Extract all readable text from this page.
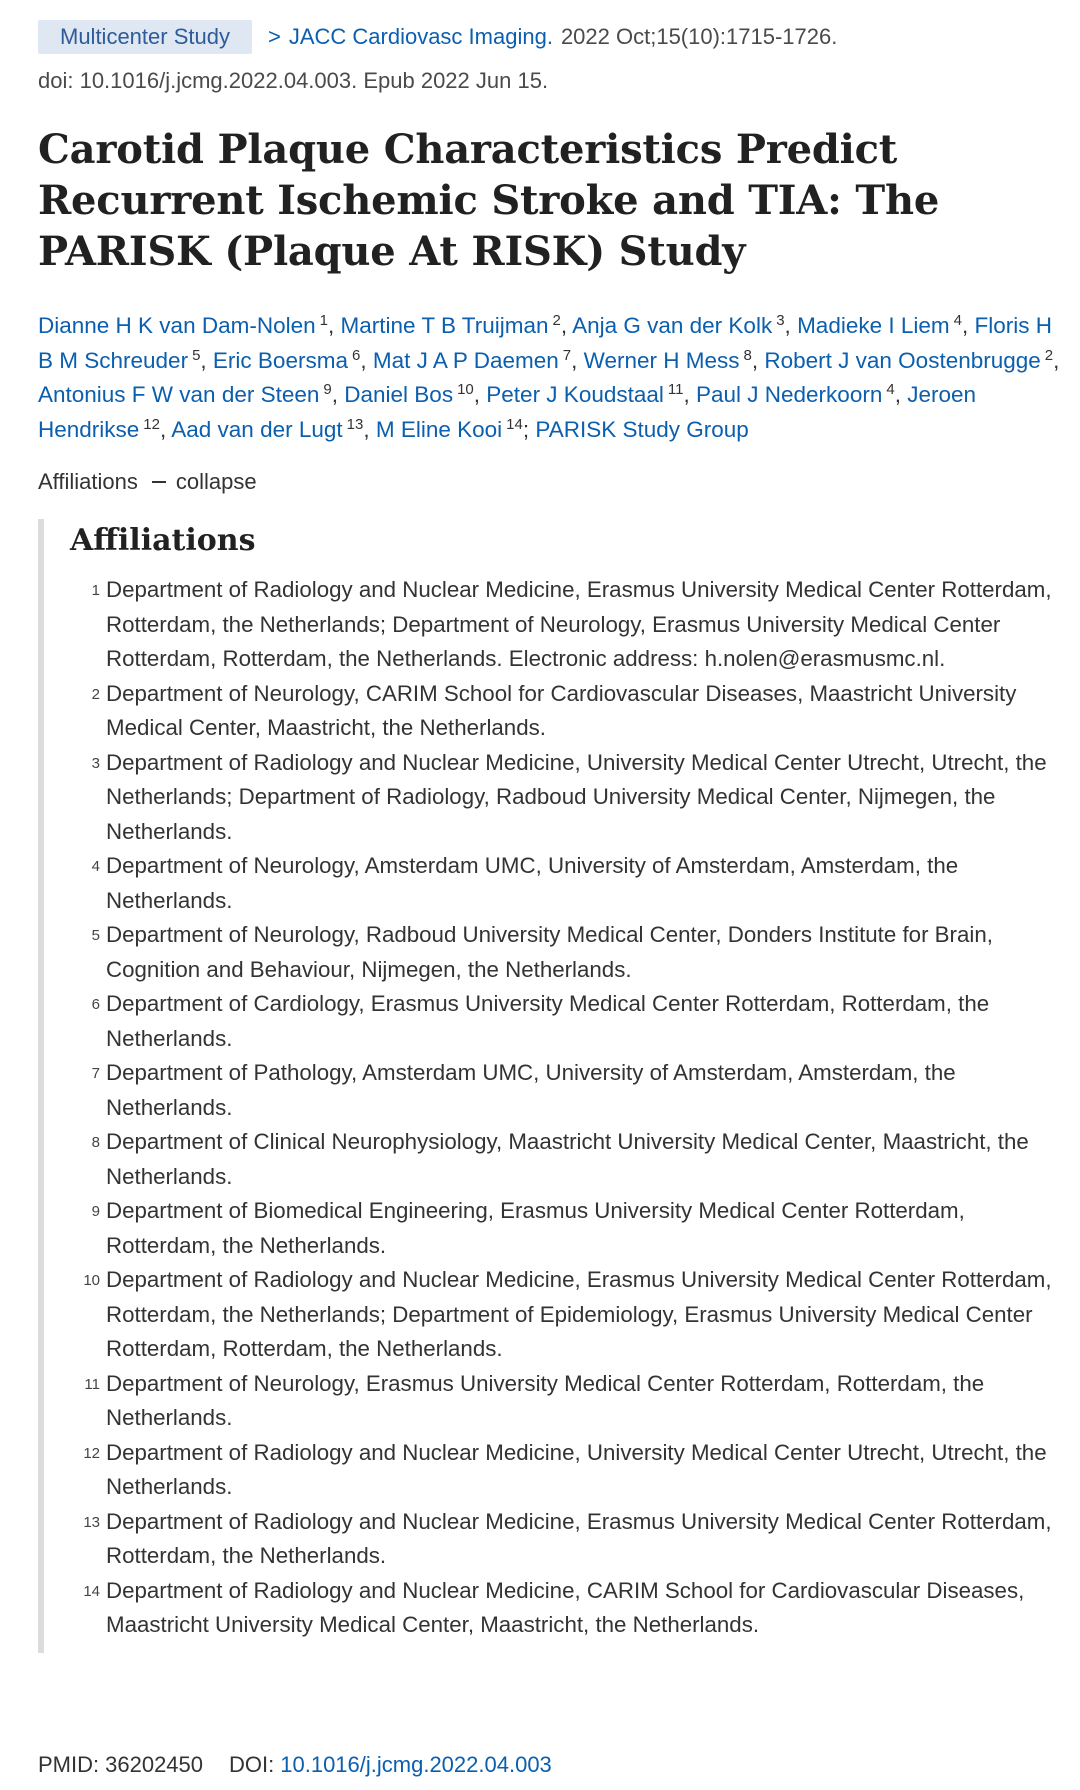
Multicenter Study	> JACC Cardiovasc Imaging. 2022 Oct;15(10):1715-1726.
doi: 10.1016/j.jcmg.2022.04.003. Epub 2022 Jun 15.
Carotid Plaque Characteristics Predict Recurrent Ischemic Stroke and TIA: The PARISK (Plaque At RISK) Study
Dianne H K van Dam-Nolen $^1$, Martine T B Truijman $^2$, Anja G van der Kolk $^3$, Madieke I Liem $^4$, Floris H B M Schreuder $^5$, Eric Boersma $^6$, Mat J A P Daemen $^7$, Werner H Mess $^8$, Robert J van Oostenbrugge $^2$, Antonius F W van der Steen $^9$, Daniel Bos $^{10}$, Peter J Koudstaal $^{11}$, Paul J Nederkoorn $^4$, Jeroen Hendrikse $^{12}$, Aad van der Lugt $^{13}$, M Eline Kooi $^{14}$; PARISK Study Group
Affiliations collapse
Affiliations
1 Department of Radiology and Nuclear Medicine, Erasmus University Medical Center Rotterdam, Rotterdam, the Netherlands; Department of Neurology, Erasmus University Medical Center Rotterdam, Rotterdam, the Netherlands. Electronic address: h.nolen@erasmusmc.nl.
2 Department of Neurology, CARIM School for Cardiovascular Diseases, Maastricht University Medical Center, Maastricht, the Netherlands.
3 Department of Radiology and Nuclear Medicine, University Medical Center Utrecht, Utrecht, the Netherlands; Department of Radiology, Radboud University Medical Center, Nijmegen, the Netherlands.
4 Department of Neurology, Amsterdam UMC, University of Amsterdam, Amsterdam, the Netherlands.
5 Department of Neurology, Radboud University Medical Center, Donders Institute for Brain, Cognition and Behaviour, Nijmegen, the Netherlands.
6 Department of Cardiology, Erasmus University Medical Center Rotterdam, Rotterdam, the Netherlands.
7 Department of Pathology, Amsterdam UMC, University of Amsterdam, Amsterdam, the Netherlands.
8 Department of Clinical Neurophysiology, Maastricht University Medical Center, Maastricht, the Netherlands.
9 Department of Biomedical Engineering, Erasmus University Medical Center Rotterdam, Rotterdam, the Netherlands.
10 Department of Radiology and Nuclear Medicine, Erasmus University Medical Center Rotterdam, Rotterdam, the Netherlands; Department of Epidemiology, Erasmus University Medical Center Rotterdam, Rotterdam, the Netherlands.
11 Department of Neurology, Erasmus University Medical Center Rotterdam, Rotterdam, the Netherlands.
12 Department of Radiology and Nuclear Medicine, University Medical Center Utrecht, Utrecht, the Netherlands.
13 Department of Radiology and Nuclear Medicine, Erasmus University Medical Center Rotterdam, Rotterdam, the Netherlands.
14 Department of Radiology and Nuclear Medicine, CARIM School for Cardiovascular Diseases, Maastricht University Medical Center, Maastricht, the Netherlands.
PMID: 36202450 DOI: 10.1016/j.jcmg.2022.04.003
